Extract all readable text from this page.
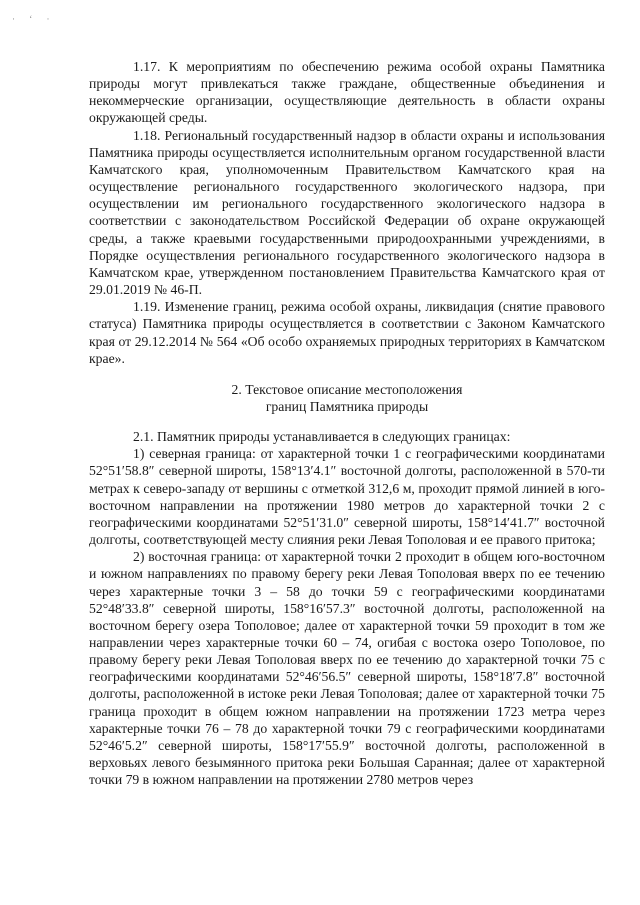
· ‘ ·

1.17. К мероприятиям по обеспечению режима особой охраны Памятника природы могут привлекаться также граждане, общественные объединения и некоммерческие организации, осуществляющие деятельность в области охраны окружающей среды.

1.18. Региональный государственный надзор в области охраны и использования Памятника природы осуществляется исполнительным органом государственной власти Камчатского края, уполномоченным Правительством Камчатского края на осуществление регионального государственного экологического надзора, при осуществлении им регионального государственного экологического надзора в соответствии с законодательством Российской Федерации об охране окружающей среды, а также краевыми государственными природоохранными учреждениями, в Порядке осуществления регионального государственного экологического надзора в Камчатском крае, утвержденном постановлением Правительства Камчатского края от 29.01.2019 № 46-П.

1.19. Изменение границ, режима особой охраны, ликвидация (снятие правового статуса) Памятника природы осуществляется в соответствии с Законом Камчатского края от 29.12.2014 № 564 «Об особо охраняемых природных территориях в Камчатском крае».

2. Текстовое описание местоположения
границ Памятника природы

2.1. Памятник природы устанавливается в следующих границах:

1) северная граница: от характерной точки 1 с географическими координатами 52°51′58.8″ северной широты, 158°13′4.1″ восточной долготы, расположенной в 570-ти метрах к северо-западу от вершины с отметкой 312,6 м, проходит прямой линией в юго-восточном направлении на протяжении 1980 метров до характерной точки 2 с географическими координатами 52°51′31.0″ северной широты, 158°14′41.7″ восточной долготы, соответствующей месту слияния реки Левая Тополовая и ее правого притока;

2) восточная граница: от характерной точки 2 проходит в общем юго-восточном и южном направлениях по правому берегу реки Левая Тополовая вверх по ее течению через характерные точки 3 – 58 до точки 59 с географическими координатами 52°48′33.8″ северной широты, 158°16′57.3″ восточной долготы, расположенной на восточном берегу озера Тополовое; далее от характерной точки 59 проходит в том же направлении через характерные точки 60 – 74, огибая с востока озеро Тополовое, по правому берегу реки Левая Тополовая вверх по ее течению до характерной точки 75 с географическими координатами 52°46′56.5″ северной широты, 158°18′7.8″ восточной долготы, расположенной в истоке реки Левая Тополовая; далее от характерной точки 75 граница проходит в общем южном направлении на протяжении 1723 метра через характерные точки 76 – 78 до характерной точки 79 с географическими координатами 52°46′5.2″ северной широты, 158°17′55.9″ восточной долготы, расположенной в верховьях левого безымянного притока реки Большая Саранная; далее от характерной точки 79 в южном направлении на протяжении 2780 метров через
